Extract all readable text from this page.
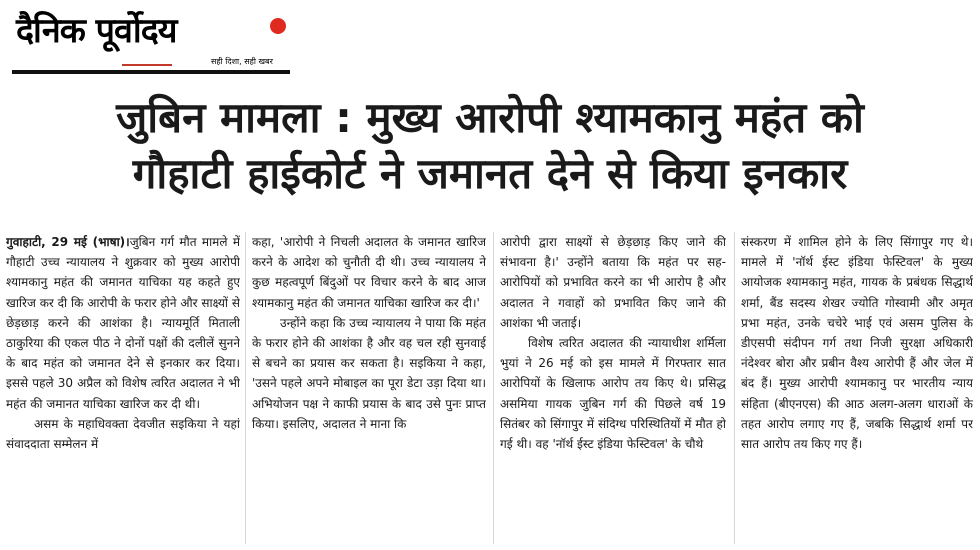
दैनिक पूर्वोदय
सही दिशा, सही खबर
जुबिन मामला : मुख्य आरोपी श्यामकानु महंत को
गौहाटी हाईकोर्ट ने जमानत देने से किया इनकार

गुवाहाटी, 29 मई (भाषा)।जुबिन गर्ग मौत मामले में गौहाटी उच्च न्यायालय ने शुक्रवार को मुख्य आरोपी श्यामकानु महंत की जमानत याचिका यह कहते हुए खारिज कर दी कि आरोपी के फरार होने और साक्ष्यों से छेड़छाड़ करने की आशंका है। न्यायमूर्ति मिताली ठाकुरिया की एकल पीठ ने दोनों पक्षों की दलीलें सुनने के बाद महंत को जमानत देने से इनकार कर दिया। इससे पहले 30 अप्रैल को विशेष त्वरित अदालत ने भी महंत की जमानत याचिका खारिज कर दी थी।

असम के महाधिवक्ता देवजीत सइकिया ने यहां संवाददाता सम्मेलन में

कहा, 'आरोपी ने निचली अदालत के जमानत खारिज करने के आदेश को चुनौती दी थी। उच्च न्यायालय ने कुछ महत्वपूर्ण बिंदुओं पर विचार करने के बाद आज श्यामकानु महंत की जमानत याचिका खारिज कर दी।'

उन्होंने कहा कि उच्च न्यायालय ने पाया कि महंत के फरार होने की आशंका है और वह चल रही सुनवाई से बचने का प्रयास कर सकता है। सइकिया ने कहा, 'उसने पहले अपने मोबाइल का पूरा डेटा उड़ा दिया था। अभियोजन पक्ष ने काफी प्रयास के बाद उसे पुनः प्राप्त किया। इसलिए, अदालत ने माना कि

आरोपी द्वारा साक्ष्यों से छेड़छाड़ किए जाने की संभावना है।' उन्होंने बताया कि महंत पर सह-आरोपियों को प्रभावित करने का भी आरोप है और अदालत ने गवाहों को प्रभावित किए जाने की आशंका भी जताई।

विशेष त्वरित अदालत की न्यायाधीश शर्मिला भुयां ने 26 मई को इस मामले में गिरफ्तार सात आरोपियों के खिलाफ आरोप तय किए थे। प्रसिद्ध असमिया गायक जुबिन गर्ग की पिछले वर्ष 19 सितंबर को सिंगापुर में संदिग्ध परिस्थितियों में मौत हो गई थी। वह 'नॉर्थ ईस्ट इंडिया फेस्टिवल' के चौथे

संस्करण में शामिल होने के लिए सिंगापुर गए थे। मामले में 'नॉर्थ ईस्ट इंडिया फेस्टिवल' के मुख्य आयोजक श्यामकानु महंत, गायक के प्रबंधक सिद्धार्थ शर्मा, बैंड सदस्य शेखर ज्योति गोस्वामी और अमृत प्रभा महंत, उनके चचेरे भाई एवं असम पुलिस के डीएसपी संदीपन गर्ग तथा निजी सुरक्षा अधिकारी नंदेश्वर बोरा और प्रबीन वैश्य आरोपी हैं और जेल में बंद हैं। मुख्य आरोपी श्यामकानु पर भारतीय न्याय संहिता (बीएनएस) की आठ अलग-अलग धाराओं के तहत आरोप लगाए गए हैं, जबकि सिद्धार्थ शर्मा पर सात आरोप तय किए गए हैं।
